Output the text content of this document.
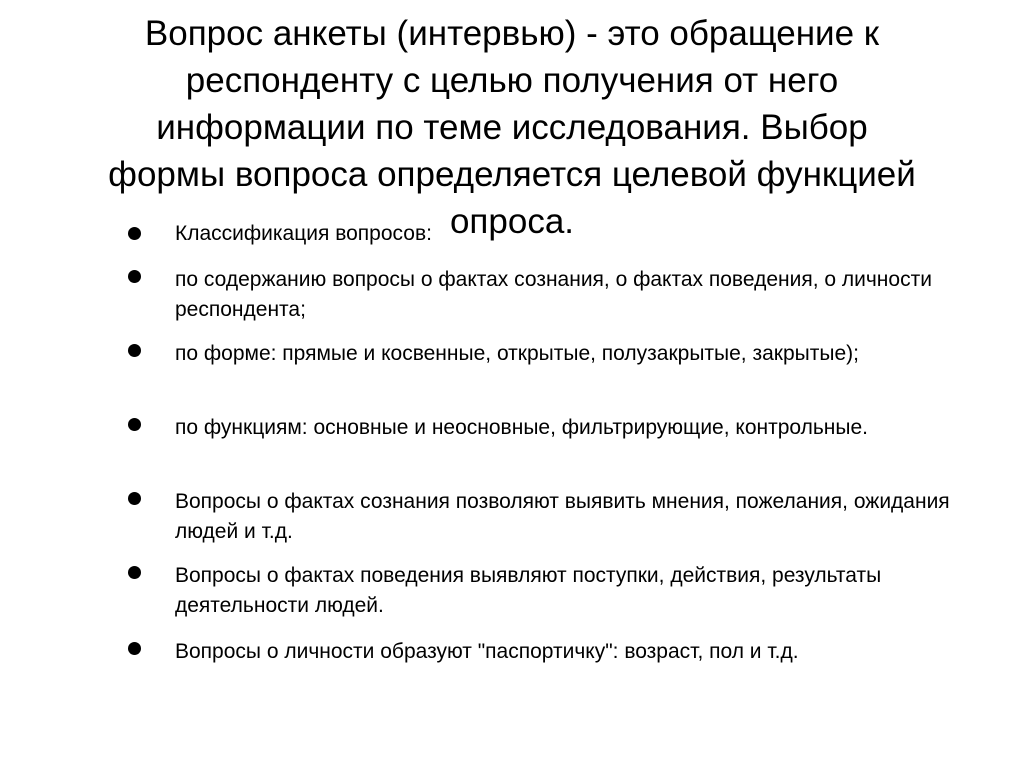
Вопрос анкеты (интервью) - это обращение к респонденту с целью получения от него информации по теме исследования. Выбор формы вопроса определяется целевой функцией опроса.
Классификация вопросов:
по содержанию вопросы о фактах сознания, о фактах поведения, о личности респондента;
по форме: прямые и косвенные, открытые, полузакрытые, закрытые);
по функциям: основные и неосновные, фильтрирующие, контрольные.
Вопросы о фактах сознания позволяют выявить мнения, пожелания, ожидания людей и т.д.
Вопросы о фактах поведения выявляют поступки, действия, результаты деятельности людей.
Вопросы о личности образуют "паспортичку": возраст, пол и т.д.
